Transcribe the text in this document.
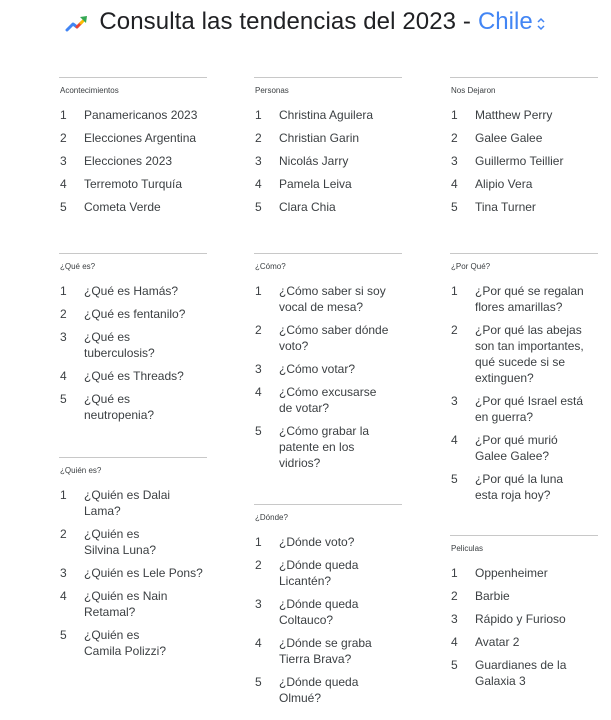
Consulta las tendencias del 2023 - Chile
Acontecimientos
1	Panamericanos 2023
2	Elecciones Argentina
3	Elecciones 2023
4	Terremoto Turquía
5	Cometa Verde
¿Qué es?
1	¿Qué es Hamás?
2	¿Qué es fentanilo?
3	¿Qué es tuberculosis?
4	¿Qué es Threads?
5	¿Qué es neutropenia?
¿Quién es?
1	¿Quién es Dalai Lama?
2	¿Quién es Silvina Luna?
3	¿Quién es Lele Pons?
4	¿Quién es Nain Retamal?
5	¿Quién es Camila Polizzi?
Personas
1	Christina Aguilera
2	Christian Garin
3	Nicolás Jarry
4	Pamela Leiva
5	Clara Chia
¿Cómo?
1	¿Cómo saber si soy vocal de mesa?
2	¿Cómo saber dónde voto?
3	¿Cómo votar?
4	¿Cómo excusarse de votar?
5	¿Cómo grabar la patente en los vidrios?
¿Dónde?
1	¿Dónde voto?
2	¿Dónde queda Licantén?
3	¿Dónde queda Coltauco?
4	¿Dónde se graba Tierra Brava?
5	¿Dónde queda Olmué?
Nos Dejaron
1	Matthew Perry
2	Galee Galee
3	Guillermo Teillier
4	Alipio Vera
5	Tina Turner
¿Por Qué?
1	¿Por qué se regalan flores amarillas?
2	¿Por qué las abejas son tan importantes, qué sucede si se extinguen?
3	¿Por qué Israel está en guerra?
4	¿Por qué murió Galee Galee?
5	¿Por qué la luna esta roja hoy?
Peliculas
1	Oppenheimer
2	Barbie
3	Rápido y Furioso
4	Avatar 2
5	Guardianes de la Galaxia 3
